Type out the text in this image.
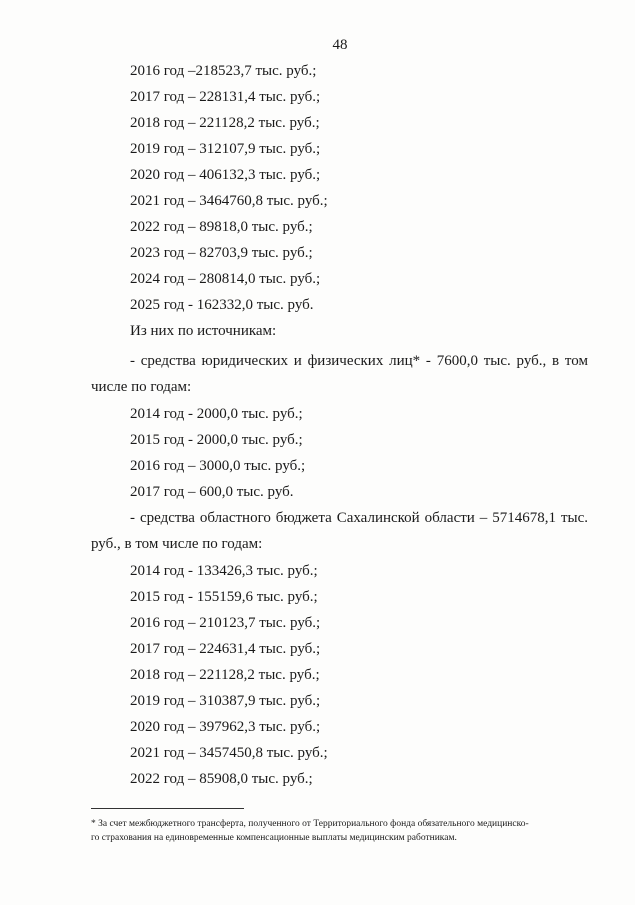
48
2016 год –218523,7 тыс. руб.;
2017 год – 228131,4 тыс. руб.;
2018 год – 221128,2 тыс. руб.;
2019 год – 312107,9 тыс. руб.;
2020 год – 406132,3 тыс. руб.;
2021 год – 3464760,8 тыс. руб.;
2022 год – 89818,0 тыс. руб.;
2023 год – 82703,9 тыс. руб.;
2024 год – 280814,0 тыс. руб.;
2025 год - 162332,0 тыс. руб.
Из них по источникам:
- средства юридических и физических лиц* - 7600,0 тыс. руб., в том
числе по годам:
2014 год - 2000,0 тыс. руб.;
2015 год - 2000,0 тыс. руб.;
2016 год – 3000,0 тыс. руб.;
2017 год – 600,0 тыс. руб.
- средства областного бюджета Сахалинской области – 5714678,1 тыс.
руб., в том числе по годам:
2014 год - 133426,3 тыс. руб.;
2015 год - 155159,6 тыс. руб.;
2016 год – 210123,7 тыс. руб.;
2017 год – 224631,4 тыс. руб.;
2018 год – 221128,2 тыс. руб.;
2019 год – 310387,9 тыс. руб.;
2020 год – 397962,3 тыс. руб.;
2021 год – 3457450,8 тыс. руб.;
2022 год – 85908,0 тыс. руб.;
* За счет межбюджетного трансферта, полученного от Территориального фонда обязательного медицинско-
го страхования на единовременные компенсационные выплаты медицинским работникам.
